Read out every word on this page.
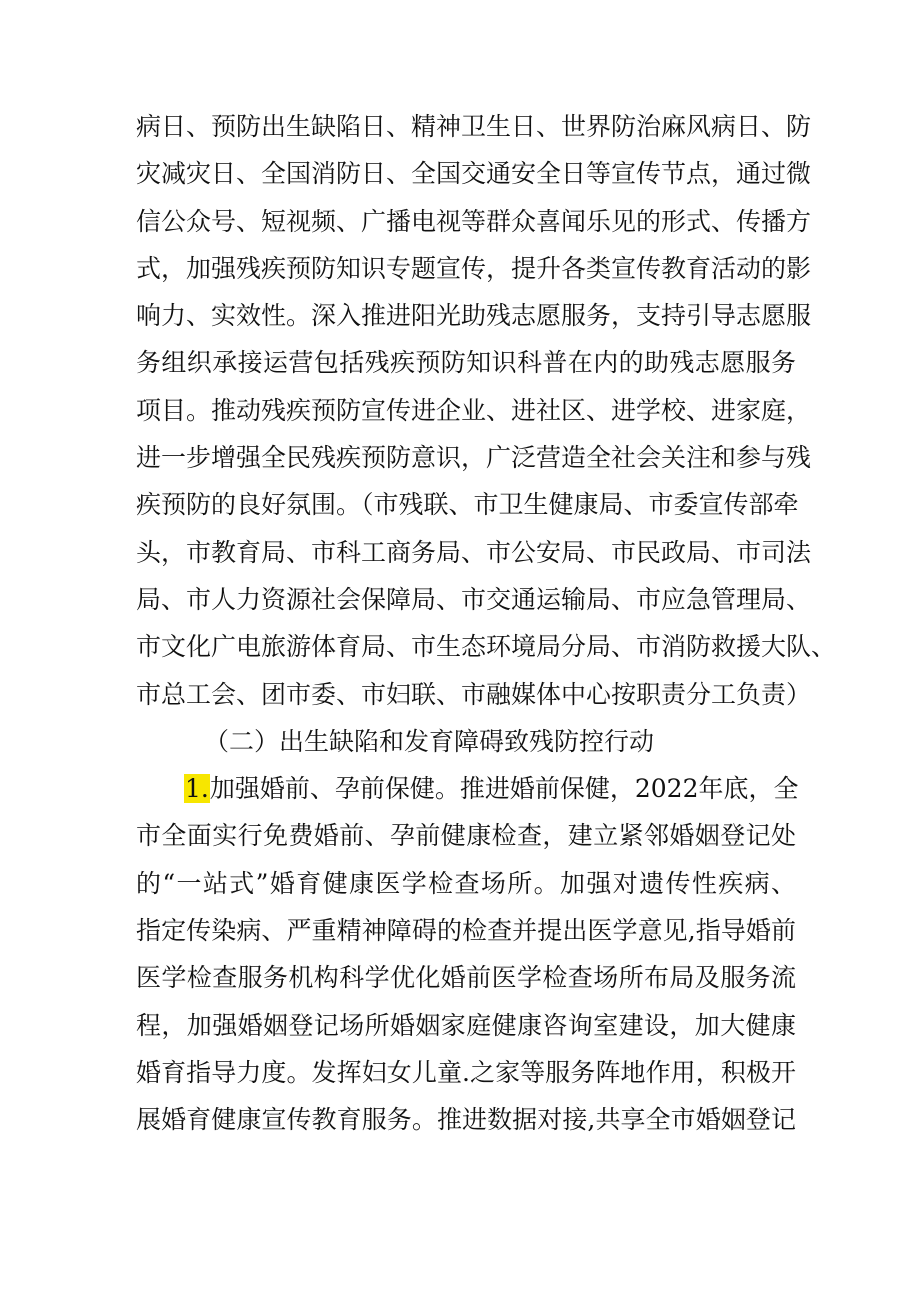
病日、预防出生缺陷日、精神卫生日、世界防治麻风病日、防
灾减灾日、全国消防日、全国交通安全日等宣传节点，通过微
信公众号、短视频、广播电视等群众喜闻乐见的形式、传播方
式，加强残疾预防知识专题宣传，提升各类宣传教育活动的影
响力、实效性。深入推进阳光助残志愿服务，支持引导志愿服
务组织承接运营包括残疾预防知识科普在内的助残志愿服务
项目。推动残疾预防宣传进企业、进社区、进学校、进家庭，
进一步增强全民残疾预防意识，广泛营造全社会关注和参与残
疾预防的良好氛围。（市残联、市卫生健康局、市委宣传部牵
头，市教育局、市科工商务局、市公安局、市民政局、市司法
局、市人力资源社会保障局、市交通运输局、市应急管理局、
市文化广电旅游体育局、市生态环境局分局、市消防救援大队、
市总工会、团市委、市妇联、市融媒体中心按职责分工负责）
（二）出生缺陷和发育障碍致残防控行动
1.加强婚前、孕前保健。推进婚前保健，2022年底，全
市全面实行免费婚前、孕前健康检查，建立紧邻婚姻登记处
的“一站式”婚育健康医学检查场所。加强对遗传性疾病、
指定传染病、严重精神障碍的检查并提出医学意见,指导婚前
医学检查服务机构科学优化婚前医学检查场所布局及服务流
程，加强婚姻登记场所婚姻家庭健康咨询室建设，加大健康
婚育指导力度。发挥妇女儿童.之家等服务阵地作用，积极开
展婚育健康宣传教育服务。推进数据对接,共享全市婚姻登记
